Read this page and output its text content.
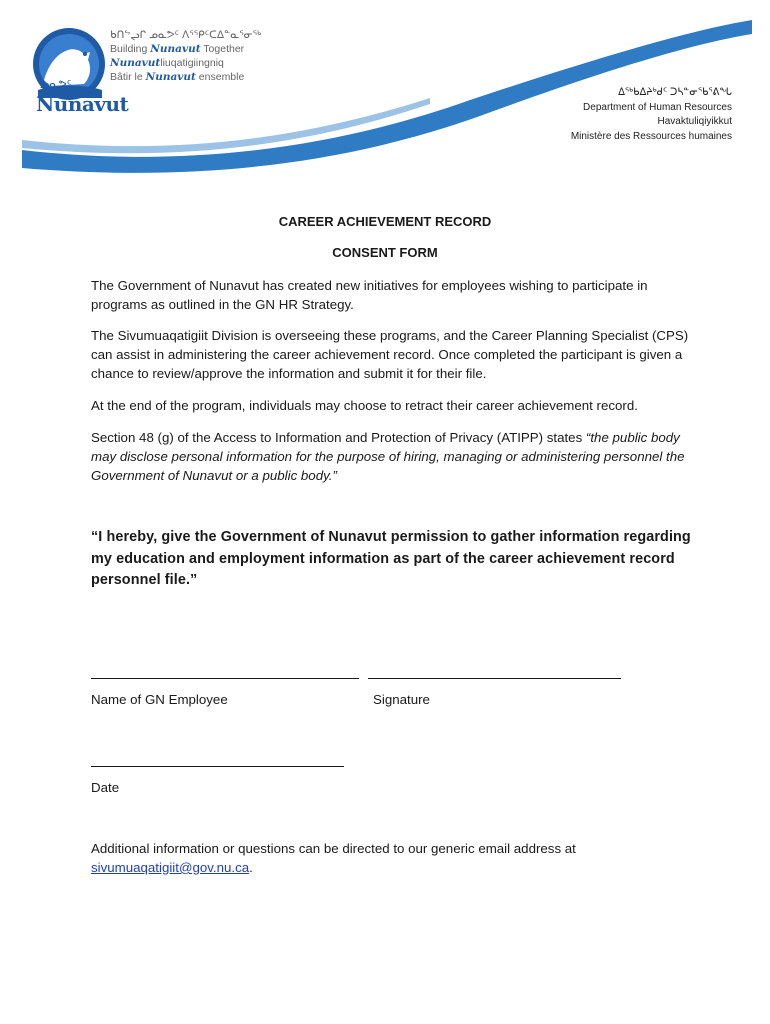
ᓄᓇᕗᑦ
Nunavut
ᑲᑎᖦᖢᒋ ᓄᓇᕗᑦ ᐱᕐᕿᑦᑕᐃᓐᓇᕐᓂᖅ
Building Nunavut Together
Nunavutliuqatigiingniq
Bâtir le Nunavut ensemble
ᐃᖅᑲᐃᔨᒃᑯᑦ ᑐᓴᓐᓂᖃᕐᕕᖓ
Department of Human Resources
Havaktuliqiyikkut
Ministère des Ressources humaines
CAREER ACHIEVEMENT RECORD
CONSENT FORM

The Government of Nunavut has created new initiatives for employees wishing to participate in programs as outlined in the GN HR Strategy.

The Sivumuaqatigiit Division is overseeing these programs, and the Career Planning Specialist (CPS) can assist in administering the career achievement record. Once completed the participant is given a chance to review/approve the information and submit it for their file.

At the end of the program, individuals may choose to retract their career achievement record.

Section 48 (g) of the Access to Information and Protection of Privacy (ATIPP) states “the public body may disclose personal information for the purpose of hiring, managing or administering personnel the Government of Nunavut or a public body.”

“I hereby, give the Government of Nunavut permission to gather information regarding my education and employment information as part of the career achievement record personnel file.”

Name of GN Employee	Signature
Date

Additional information or questions can be directed to our generic email address at sivumuaqatigiit@gov.nu.ca.
